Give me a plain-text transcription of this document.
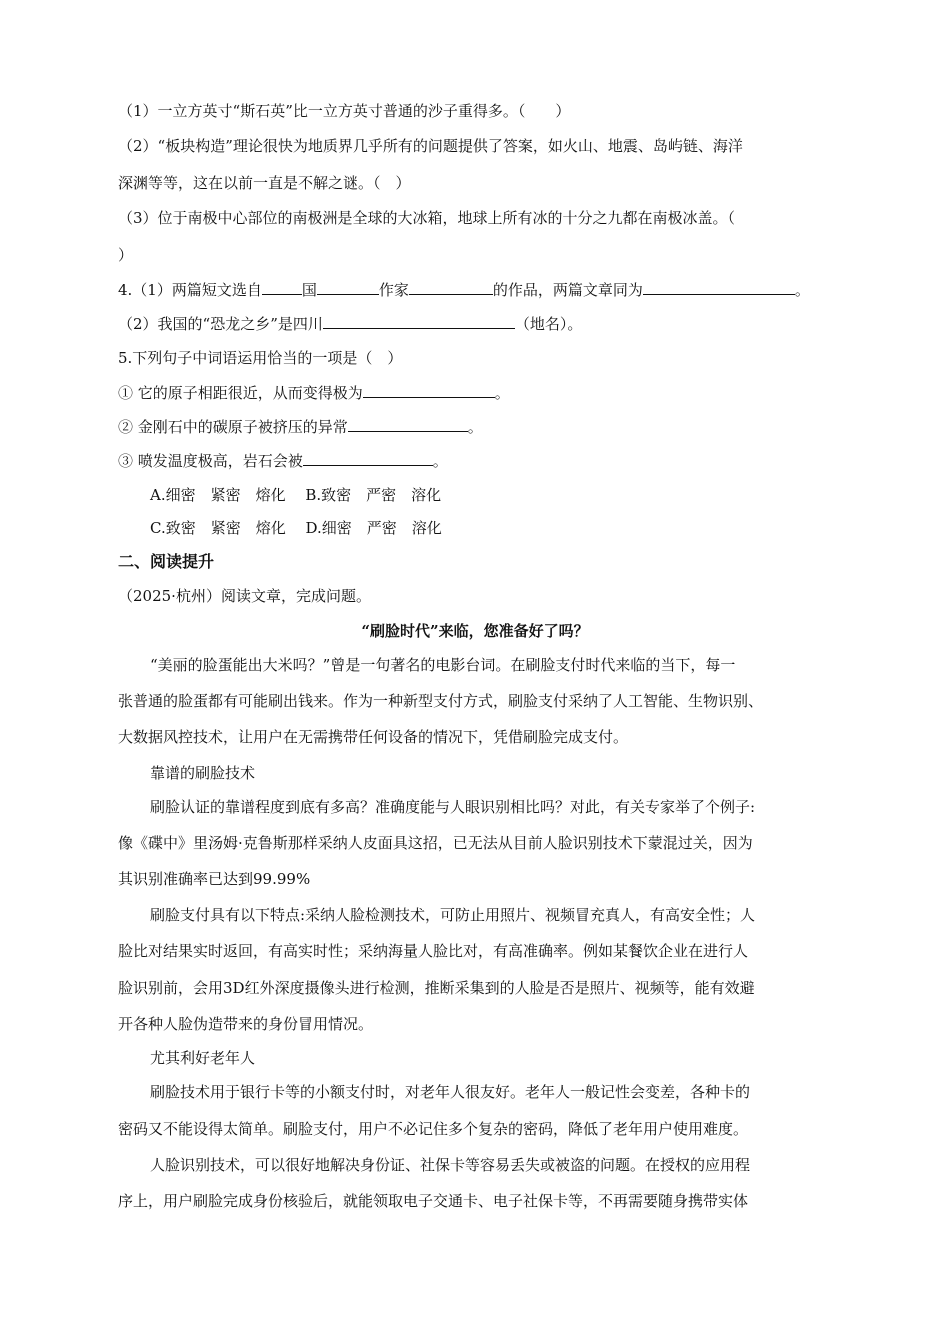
（1）一立方英寸“斯石英”比一立方英寸普通的沙子重得多。（　　）
（2）“板块构造”理论很快为地质界几乎所有的问题提供了答案，如火山、地震、岛屿链、海洋
深渊等等，这在以前一直是不解之谜。（　）
（3）位于南极中心部位的南极洲是全球的大冰箱，地球上所有冰的十分之九都在南极冰盖。（
）
4.（1）两篇短文选自	国	作家	的作品，两篇文章同为	。
（2）我国的“恐龙之乡”是四川	（地名）。
5.下列句子中词语运用恰当的一项是（　）
① 它的原子相距很近，从而变得极为	。
② 金刚石中的碳原子被挤压的异常	。
③ 喷发温度极高，岩石会被	。
A.细密　紧密　熔化　 B.致密　严密　溶化
C.致密　紧密　熔化　 D.细密　严密　溶化
二、阅读提升
（2025·杭州）阅读文章，完成问题。
“刷脸时代”来临，您准备好了吗？
“美丽的脸蛋能出大米吗？”曾是一句著名的电影台词。在刷脸支付时代来临的当下，每一
张普通的脸蛋都有可能刷出钱来。作为一种新型支付方式，刷脸支付采纳了人工智能、生物识别、
大数据风控技术，让用户在无需携带任何设备的情况下，凭借刷脸完成支付。
靠谱的刷脸技术
刷脸认证的靠谱程度到底有多高？准确度能与人眼识别相比吗？对此，有关专家举了个例子:
像《碟中》里汤姆·克鲁斯那样采纳人皮面具这招，已无法从目前人脸识别技术下蒙混过关，因为
其识别准确率已达到99.99%
刷脸支付具有以下特点:采纳人脸检测技术，可防止用照片、视频冒充真人，有高安全性；人
脸比对结果实时返回，有高实时性；采纳海量人脸比对，有高准确率。例如某餐饮企业在进行人
脸识别前，会用3D红外深度摄像头进行检测，推断采集到的人脸是否是照片、视频等，能有效避
开各种人脸伪造带来的身份冒用情况。
尤其利好老年人
刷脸技术用于银行卡等的小额支付时，对老年人很友好。老年人一般记性会变差，各种卡的
密码又不能设得太简单。刷脸支付，用户不必记住多个复杂的密码，降低了老年用户使用难度。
人脸识别技术，可以很好地解决身份证、社保卡等容易丢失或被盗的问题。在授权的应用程
序上，用户刷脸完成身份核验后，就能领取电子交通卡、电子社保卡等，不再需要随身携带实体
